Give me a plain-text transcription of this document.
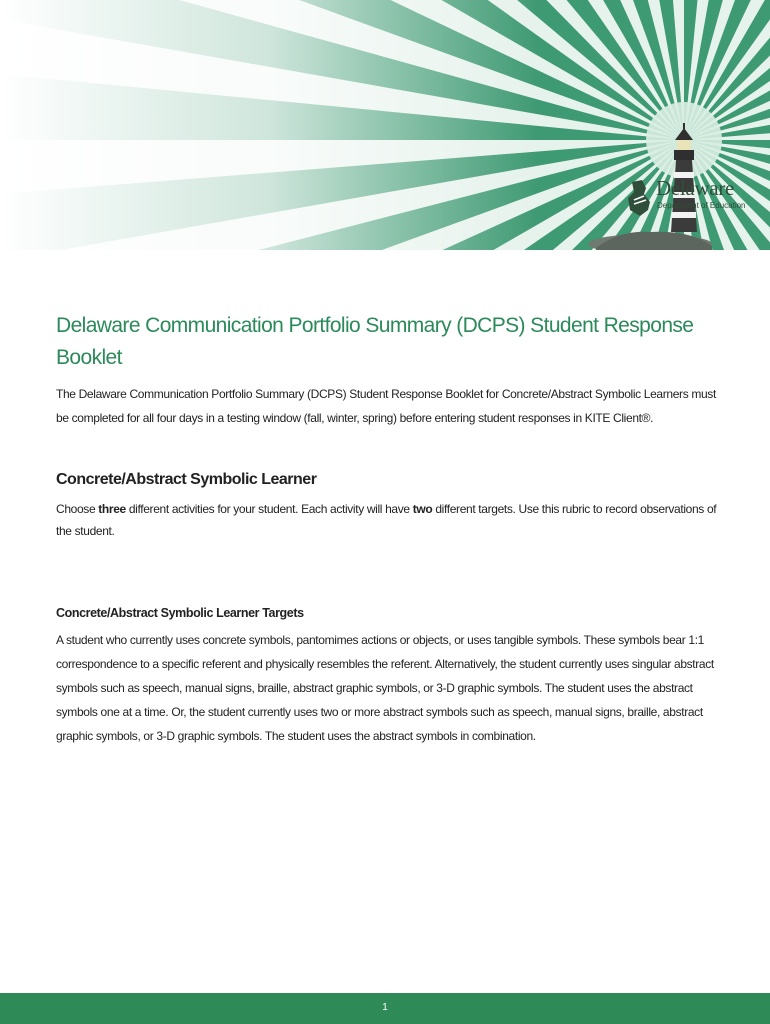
Delaware
Department of Education
Delaware Communication Portfolio Summary (DCPS) Student Response Booklet

The Delaware Communication Portfolio Summary (DCPS) Student Response Booklet for Concrete/Abstract Symbolic Learners must be completed for all four days in a testing window (fall, winter, spring) before entering student responses in KITE Client®.

Concrete/Abstract Symbolic Learner

Choose three different activities for your student. Each activity will have two different targets. Use this rubric to record observations of the student.

Concrete/Abstract Symbolic Learner Targets

A student who currently uses concrete symbols, pantomimes actions or objects, or uses tangible symbols. These symbols bear 1:1 correspondence to a specific referent and physically resembles the referent. Alternatively, the student currently uses singular abstract symbols such as speech, manual signs, braille, abstract graphic symbols, or 3-D graphic symbols. The student uses the abstract symbols one at a time. Or, the student currently uses two or more abstract symbols such as speech, manual signs, braille, abstract graphic symbols, or 3-D graphic symbols. The student uses the abstract symbols in combination.

1
